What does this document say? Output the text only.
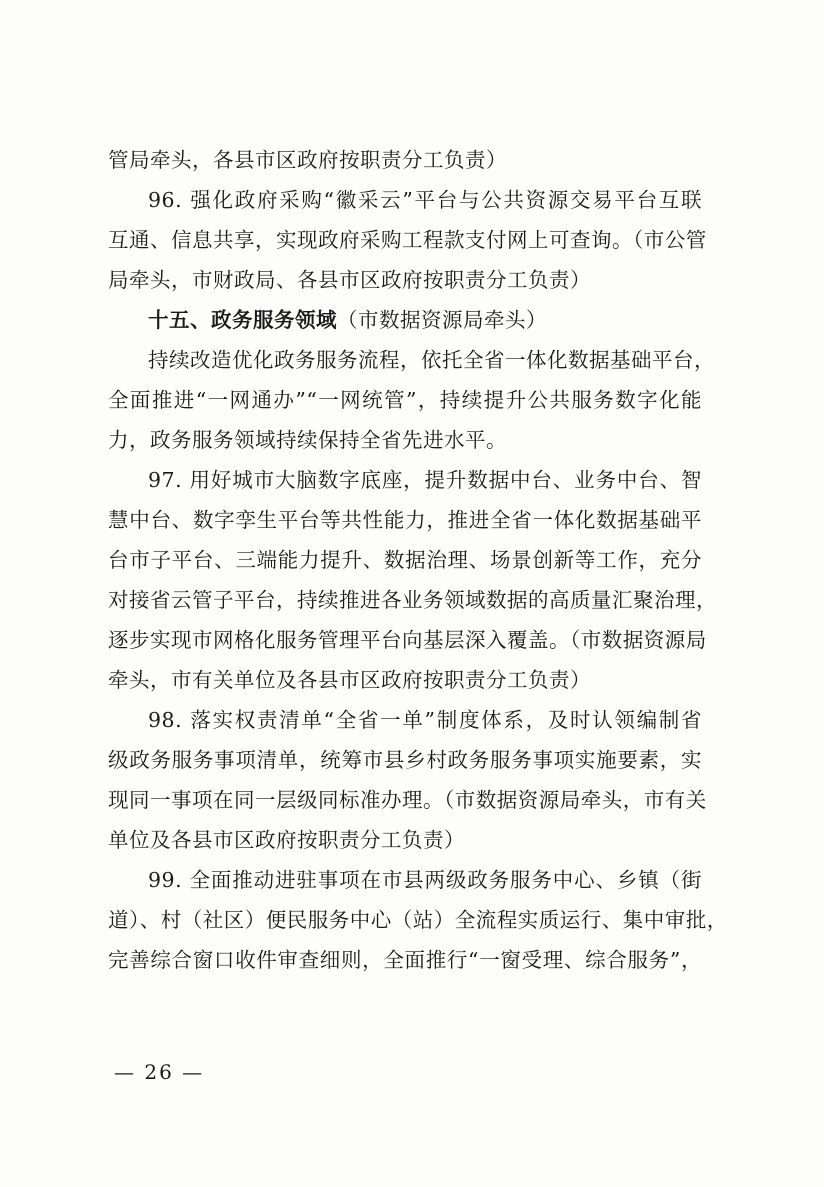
管局牵头，各县市区政府按职责分工负责）
96. 强化政府采购“徽采云”平台与公共资源交易平台互联
互通、信息共享，实现政府采购工程款支付网上可查询。（市公管
局牵头，市财政局、各县市区政府按职责分工负责）
十五、政务服务领域（市数据资源局牵头）
持续改造优化政务服务流程，依托全省一体化数据基础平台，
全面推进“一网通办”“一网统管”，持续提升公共服务数字化能
力，政务服务领域持续保持全省先进水平。
97. 用好城市大脑数字底座，提升数据中台、业务中台、智
慧中台、数字孪生平台等共性能力，推进全省一体化数据基础平
台市子平台、三端能力提升、数据治理、场景创新等工作，充分
对接省云管子平台，持续推进各业务领域数据的高质量汇聚治理，
逐步实现市网格化服务管理平台向基层深入覆盖。（市数据资源局
牵头，市有关单位及各县市区政府按职责分工负责）
98. 落实权责清单“全省一单”制度体系，及时认领编制省
级政务服务事项清单，统筹市县乡村政务服务事项实施要素，实
现同一事项在同一层级同标准办理。（市数据资源局牵头，市有关
单位及各县市区政府按职责分工负责）
99. 全面推动进驻事项在市县两级政务服务中心、乡镇（街
道）、村（社区）便民服务中心（站）全流程实质运行、集中审批，
完善综合窗口收件审查细则，全面推行“一窗受理、综合服务”，
— 26 —
